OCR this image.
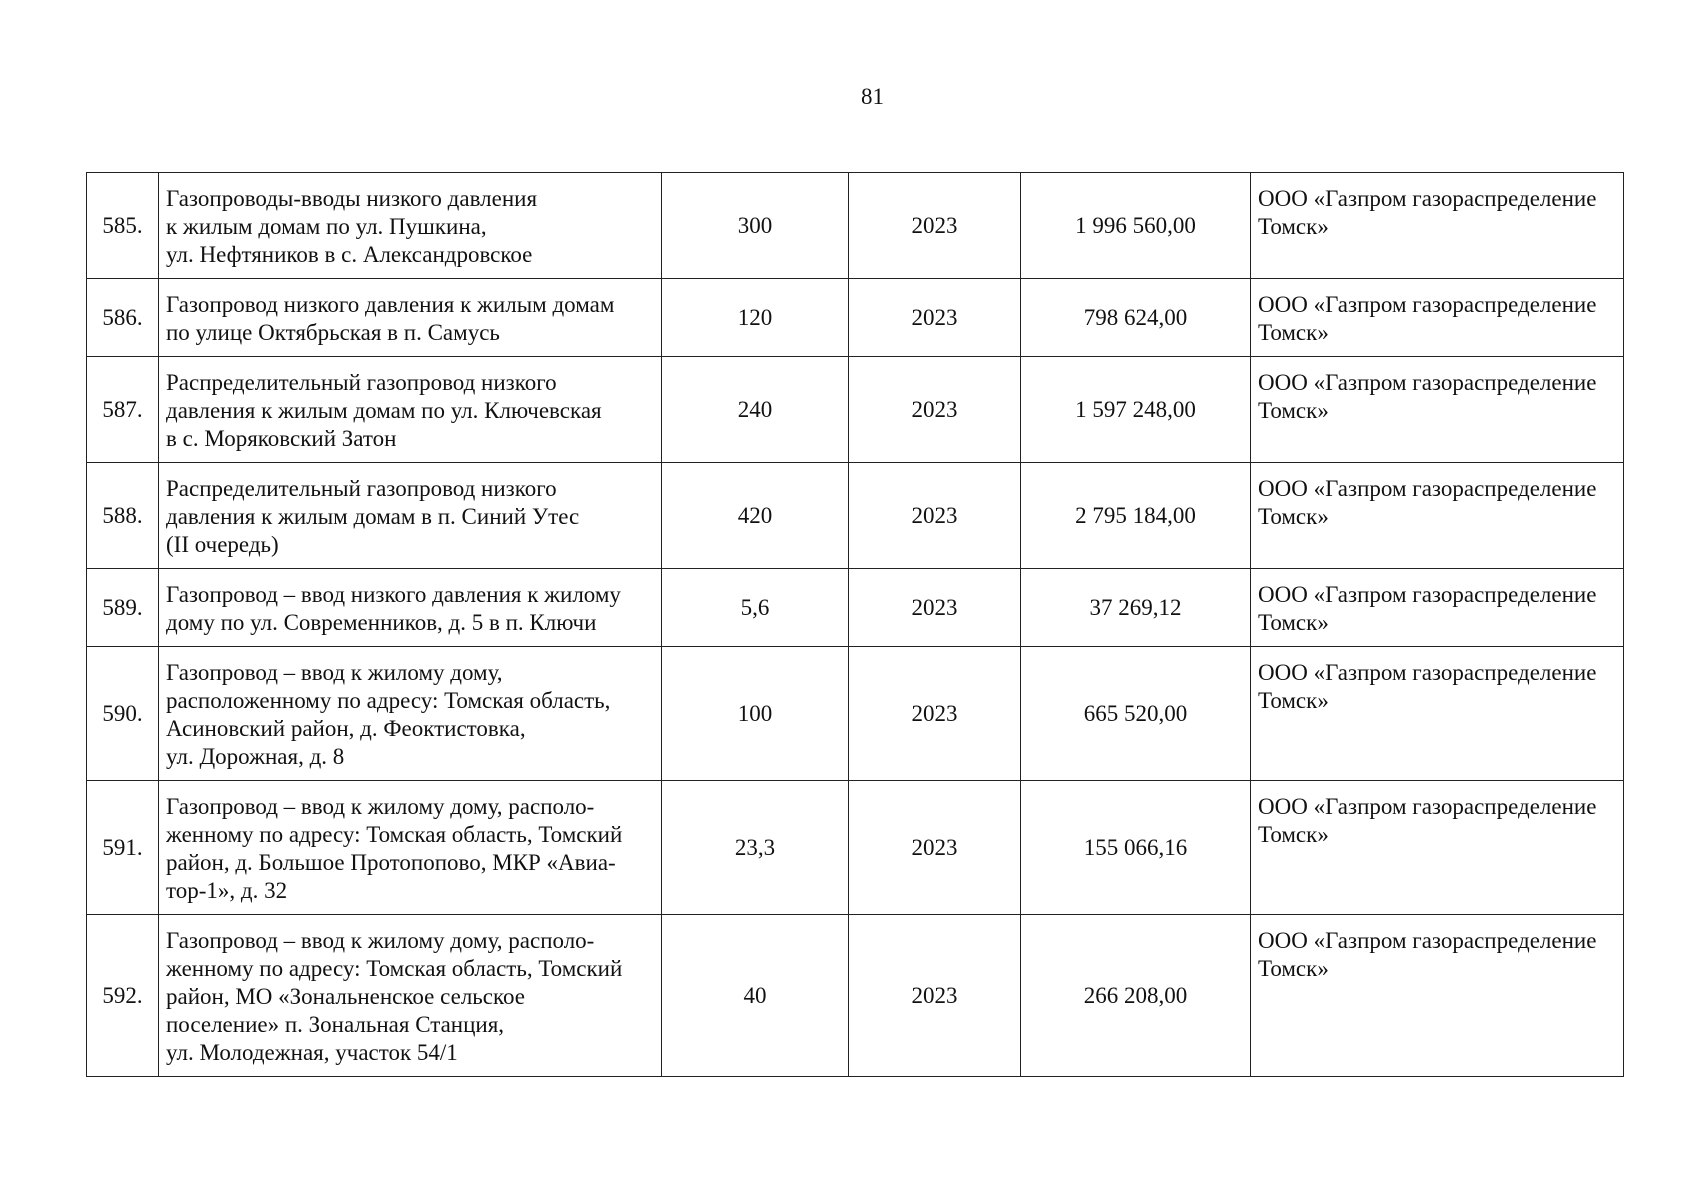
81
585.	Газопроводы-вводы низкого давления
к жилым домам по ул. Пушкина,
ул. Нефтяников в с. Александровское	300	2023	1 996 560,00	ООО «Газпром газораспределение
Томск»
586.	Газопровод низкого давления к жилым домам
по улице Октябрьская в п. Самусь	120	2023	798 624,00	ООО «Газпром газораспределение
Томск»
587.	Распределительный газопровод низкого
давления к жилым домам по ул. Ключевская
в с. Моряковский Затон	240	2023	1 597 248,00	ООО «Газпром газораспределение
Томск»
588.	Распределительный газопровод низкого
давления к жилым домам в п. Синий Утес
(II очередь)	420	2023	2 795 184,00	ООО «Газпром газораспределение
Томск»
589.	Газопровод – ввод низкого давления к жилому
дому по ул. Современников, д. 5 в п. Ключи	5,6	2023	37 269,12	ООО «Газпром газораспределение
Томск»
590.	Газопровод – ввод к жилому дому,
расположенному по адресу: Томская область,
Асиновский район, д. Феоктистовка,
ул. Дорожная, д. 8	100	2023	665 520,00	ООО «Газпром газораспределение
Томск»
591.	Газопровод – ввод к жилому дому, располо-
женному по адресу: Томская область, Томский
район, д. Большое Протопопово, МКР «Авиа-
тор-1», д. 32	23,3	2023	155 066,16	ООО «Газпром газораспределение
Томск»
592.	Газопровод – ввод к жилому дому, располо-
женному по адресу: Томская область, Томский
район, МО «Зональненское сельское
поселение» п. Зональная Станция,
ул. Молодежная, участок 54/1	40	2023	266 208,00	ООО «Газпром газораспределение
Томск»
